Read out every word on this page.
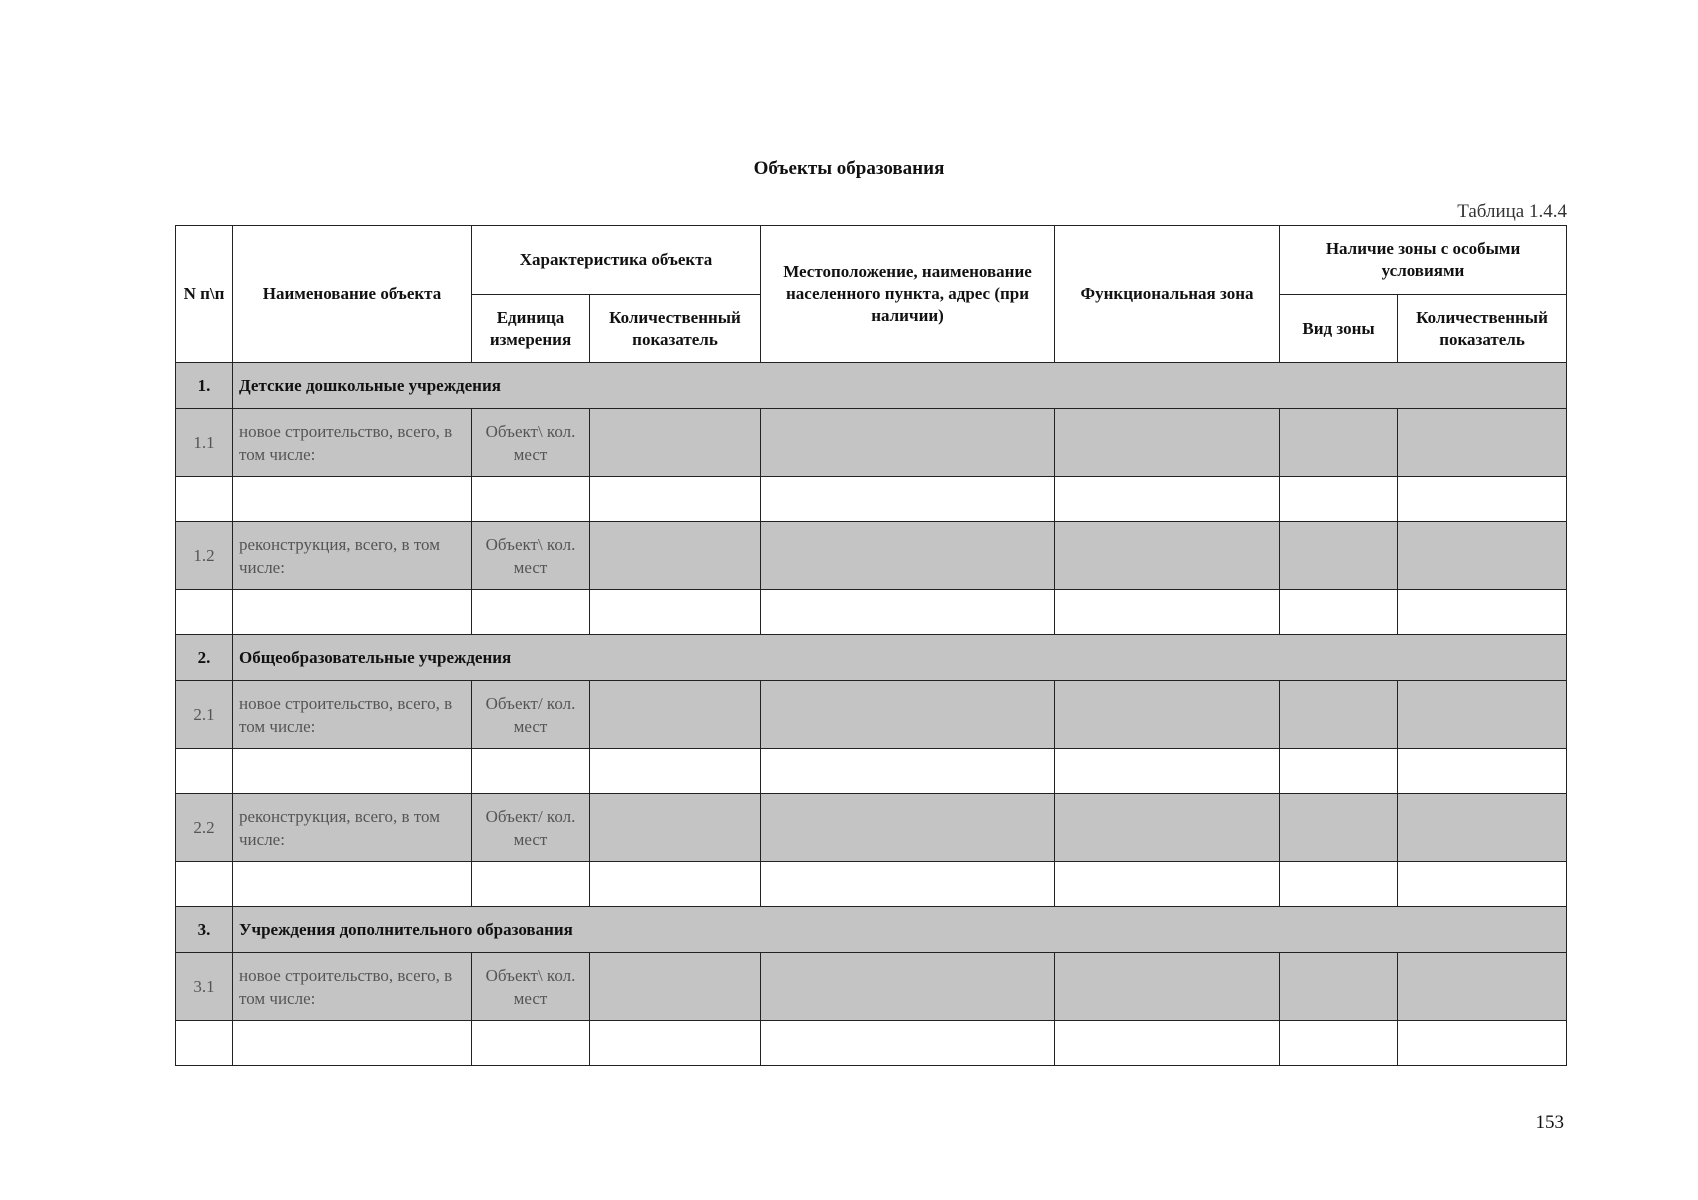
Объекты образования
Таблица 1.4.4
N п\п	Наименование объекта	Характеристика объекта		Местоположение, наименование населенного пункта, адрес (при наличии)	Функциональная зона	Наличие зоны с особыми условиями	
		Единица измерения	Количественный показатель			Вид зоны	Количественный показатель
1.	Детские дошкольные учреждения						
1.1	новое строительство, всего, в том числе:	Объект\ кол. мест					

1.2	реконструкция, всего, в том числе:	Объект\ кол. мест					

2.	Общеобразовательные учреждения						
2.1	новое строительство, всего, в том числе:	Объект/ кол. мест					

2.2	реконструкция, всего, в том числе:	Объект/ кол. мест					

3.	Учреждения дополнительного образования						
3.1	новое строительство, всего, в том числе:	Объект\ кол. мест					

153
